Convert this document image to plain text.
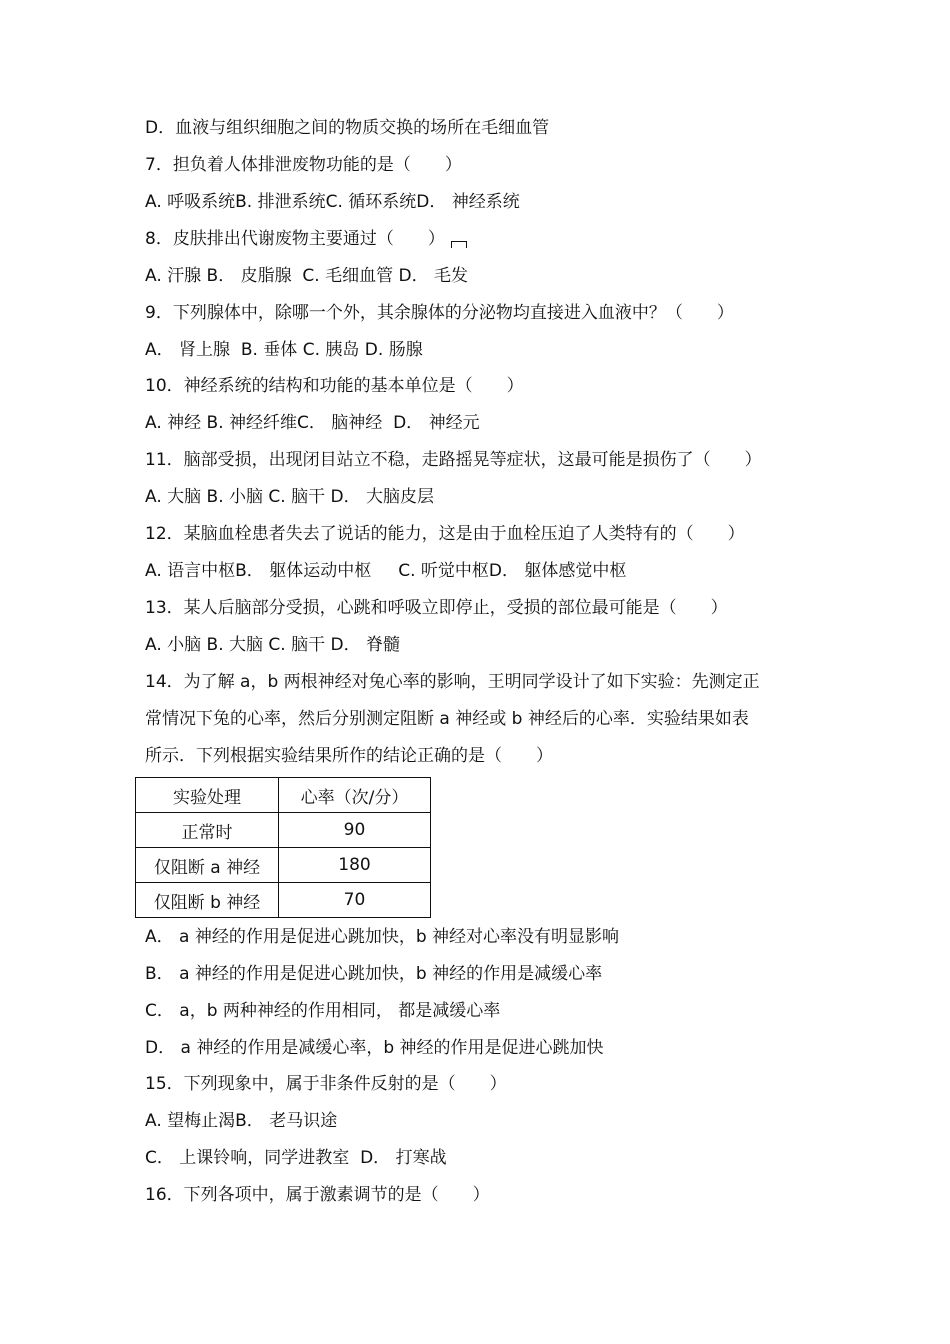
D．血液与组织细胞之间的物质交换的场所在毛细血管

7．担负着人体排泄废物功能的是（　　）

A. 呼吸系统B. 排泄系统C. 循环系统D． 神经系统

8．皮肤排出代谢废物主要通过（　　）

A. 汗腺 B． 皮脂腺  C. 毛细血管 D． 毛发

9．下列腺体中，除哪一个外，其余腺体的分泌物均直接进入血液中？（　　）

A． 肾上腺  B. 垂体 C. 胰岛 D. 肠腺

10．神经系统的结构和功能的基本单位是（　　）

A. 神经 B. 神经纤维C． 脑神经  D． 神经元

11．脑部受损，出现闭目站立不稳，走路摇晃等症状，这最可能是损伤了（　　）

A. 大脑 B. 小脑 C. 脑干 D． 大脑皮层

12．某脑血栓患者失去了说话的能力，这是由于血栓压迫了人类特有的（　　）

A. 语言中枢B． 躯体运动中枢     C. 听觉中枢D． 躯体感觉中枢

13．某人后脑部分受损，心跳和呼吸立即停止，受损的部位最可能是（　　）

A. 小脑 B. 大脑 C. 脑干 D． 脊髓

14．为了解 a，b 两根神经对兔心率的影响，王明同学设计了如下实验：先测定正

常情况下兔的心率，然后分别测定阻断 a 神经或 b 神经后的心率．实验结果如表

所示．下列根据实验结果所作的结论正确的是（　　）

实验处理	心率（次/分）
正常时	90
仅阻断 a 神经	180
仅阻断 b 神经	70

A． a 神经的作用是促进心跳加快，b 神经对心率没有明显影响

B． a 神经的作用是促进心跳加快，b 神经的作用是减缓心率

C． a，b 两种神经的作用相同， 都是减缓心率

D． a 神经的作用是减缓心率，b 神经的作用是促进心跳加快

15．下列现象中，属于非条件反射的是（　　）

A. 望梅止渴B． 老马识途

C． 上课铃响，同学进教室  D． 打寒战

16．下列各项中，属于激素调节的是（　　）
